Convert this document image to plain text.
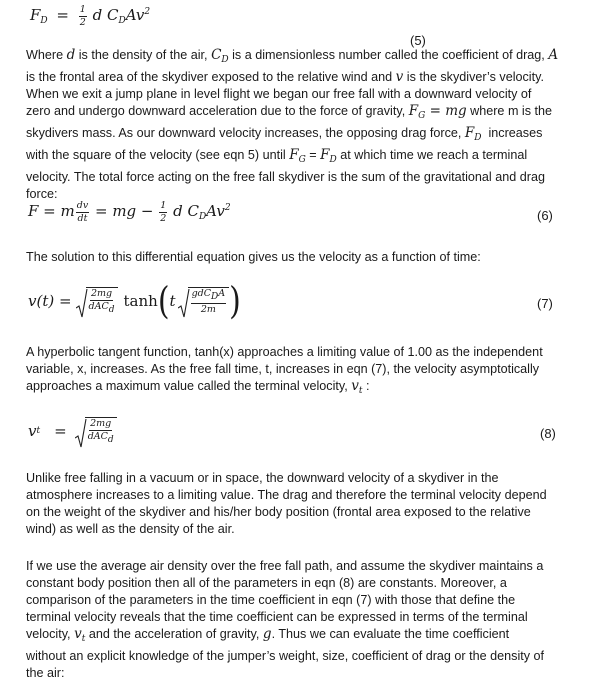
$F_D = \frac{1}{2}$ d $C_DAv^2$
(5)
Where d is the density of the air, $C_D$ is a dimensionless number called the coefficient of drag, A
is the frontal area of the skydiver exposed to the relative wind and v is the skydiver’s velocity.
When we exit a jump plane in level flight we began our free fall with a downward velocity of
zero and undergo downward acceleration due to the force of gravity, $F_G$ = mg where m is the
skydivers mass. As our downward velocity increases, the opposing drag force, $F_D$  increases
with the square of the velocity (see eqn 5) until $F_G = F_D$ at which time we reach a terminal
velocity. The total force acting on the free fall skydiver is the sum of the gravitational and drag
force:
F = m $\frac{dv}{dt}$ = mg − $\frac{1}{2}$ d $C_DAv^2$	(6)
The solution to this differential equation gives us the velocity as a function of time:
$v(t) = \frac{2mg}{\text{dACd}}$ tanh ( t $\frac{\text{gdCDA}}{2m}$ )	(7)
A hyperbolic tangent function, tanh(x) approaches a limiting value of 1.00 as the independent
variable, x, increases. As the free fall time, t, increases in eqn (7), the velocity asymptotically
approaches a maximum value called the terminal velocity, $v_t$ :
v $t = \frac{2mg}{\text{dACd}}$	(8)
Unlike free falling in a vacuum or in space, the downward velocity of a skydiver in the
atmosphere increases to a limiting value. The drag and therefore the terminal velocity depend
on the weight of the skydiver and his/her body position (frontal area exposed to the relative
wind) as well as the density of the air.
If we use the average air density over the free fall path, and assume the skydiver maintains a
constant body position then all of the parameters in eqn (8) are constants. Moreover, a
comparison of the parameters in the time coefficient in eqn (7) with those that define the
terminal velocity reveals that the time coefficient can be expressed in terms of the terminal
velocity, $v_t$ and the acceleration of gravity, g. Thus we can evaluate the time coefficient
without an explicit knowledge of the jumper’s weight, size, coefficient of drag or the density of
the air:
